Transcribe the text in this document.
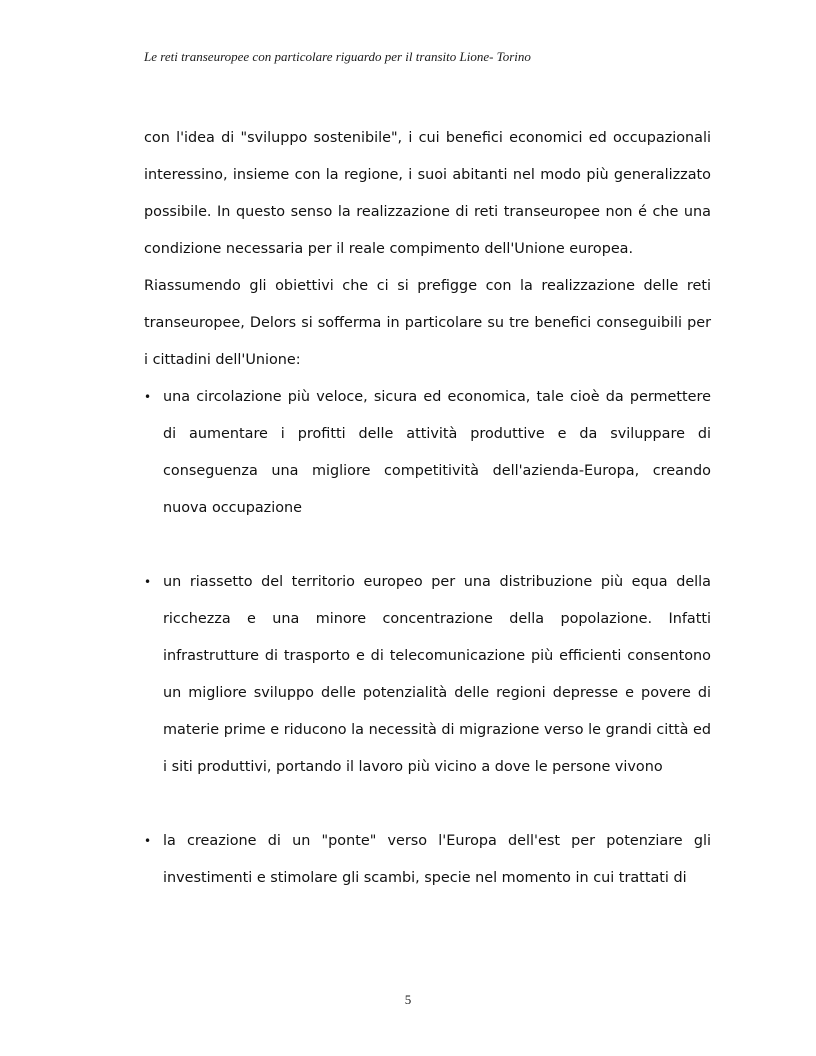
Le reti transeuropee con particolare riguardo per il transito Lione- Torino

con l'idea di "sviluppo sostenibile", i cui benefici economici ed occupazionali interessino, insieme con la regione, i suoi abitanti nel modo più generalizzato possibile. In questo senso la realizzazione di reti transeuropee non é che una condizione necessaria per il reale compimento dell'Unione europea.

Riassumendo gli obiettivi che ci si prefigge con la realizzazione delle reti transeuropee, Delors si sofferma in particolare su tre benefici conseguibili per i cittadini dell'Unione:

• una circolazione più veloce, sicura ed economica, tale cioè da permettere di aumentare i profitti delle attività produttive e da sviluppare di conseguenza una migliore competitività dell'azienda-Europa, creando nuova occupazione
• un riassetto del territorio europeo per una distribuzione più equa della ricchezza e una minore concentrazione della popolazione. Infatti infrastrutture di trasporto e di telecomunicazione più efficienti consentono un migliore sviluppo delle potenzialità delle regioni depresse e povere di materie prime e riducono la necessità di migrazione verso le grandi città ed i siti produttivi, portando il lavoro più vicino a dove le persone vivono
• la creazione di un "ponte" verso l'Europa dell'est per potenziare gli investimenti e stimolare gli scambi, specie nel momento in cui trattati di
5
